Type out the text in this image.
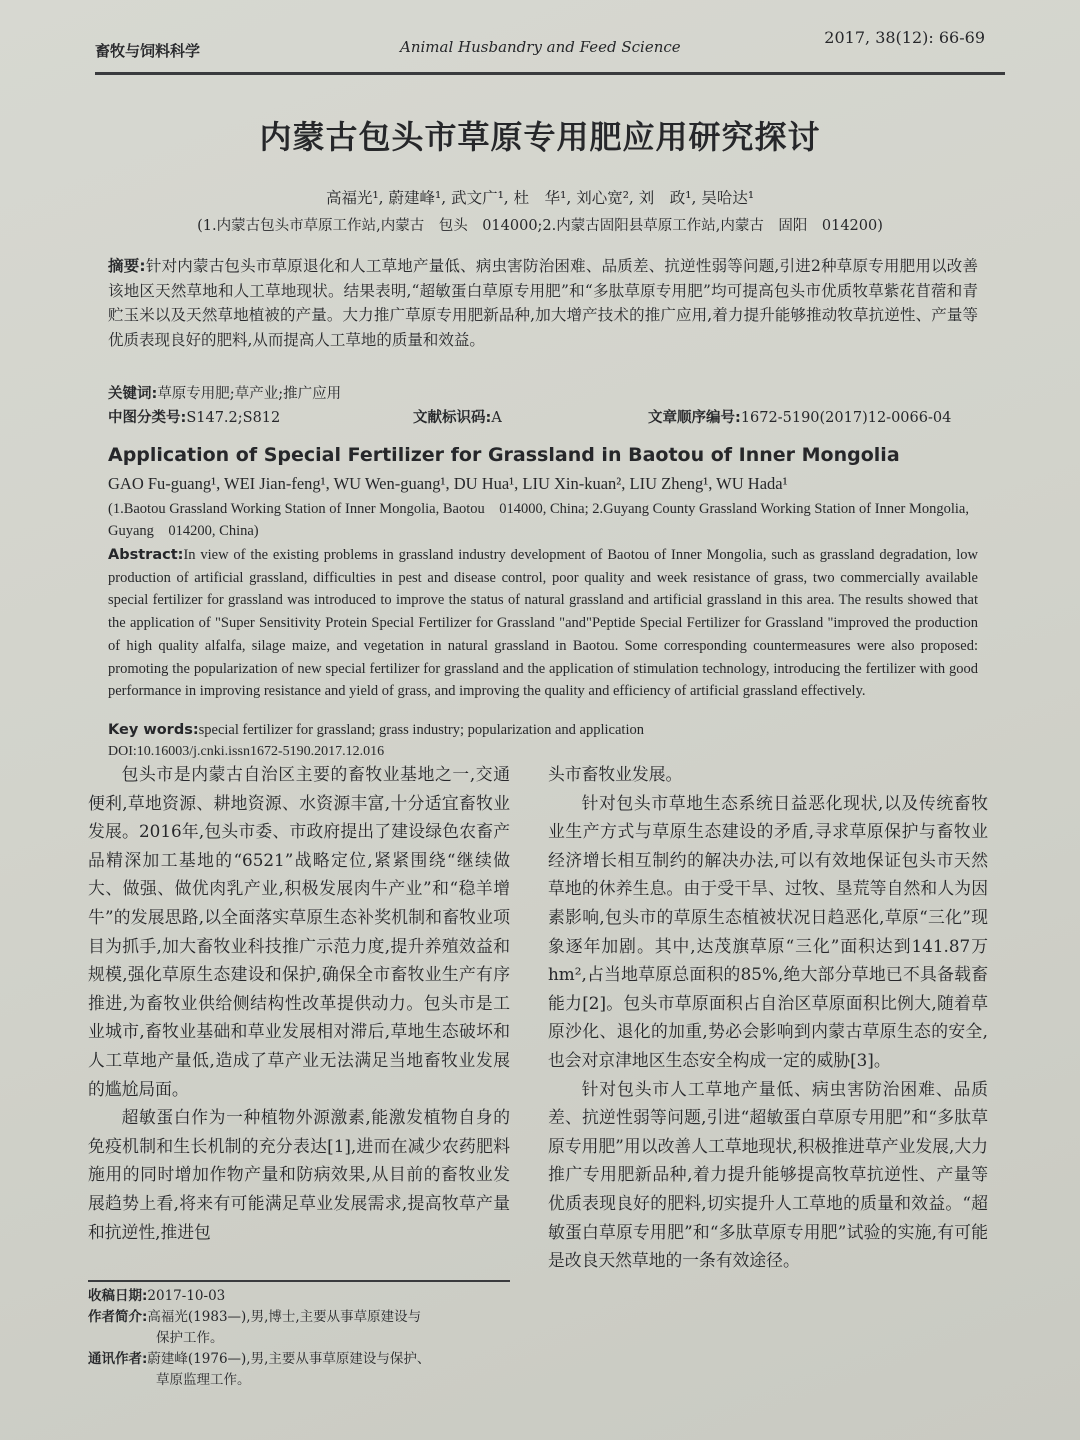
畜牧与饲料科学	Animal Husbandry and Feed Science	2017, 38(12): 66-69
内蒙古包头市草原专用肥应用研究探讨
高福光¹, 蔚建峰¹, 武文广¹, 杜　华¹, 刘心宽², 刘　政¹, 吴哈达¹
(1.内蒙古包头市草原工作站,内蒙古　包头　014000;2.内蒙古固阳县草原工作站,内蒙古　固阳　014200)
摘要:针对内蒙古包头市草原退化和人工草地产量低、病虫害防治困难、品质差、抗逆性弱等问题,引进2种草原专用肥用以改善该地区天然草地和人工草地现状。结果表明,“超敏蛋白草原专用肥”和“多肽草原专用肥”均可提高包头市优质牧草紫花苜蓿和青贮玉米以及天然草地植被的产量。大力推广草原专用肥新品种,加大增产技术的推广应用,着力提升能够推动牧草抗逆性、产量等优质表现良好的肥料,从而提高人工草地的质量和效益。
关键词:草原专用肥;草产业;推广应用
中图分类号:S147.2;S812	文献标识码:A	文章顺序编号:1672-5190(2017)12-0066-04
Application of Special Fertilizer for Grassland in Baotou of Inner Mongolia
GAO Fu-guang¹, WEI Jian-feng¹, WU Wen-guang¹, DU Hua¹, LIU Xin-kuan², LIU Zheng¹, WU Hada¹
(1.Baotou Grassland Working Station of Inner Mongolia, Baotou　014000, China; 2.Guyang County Grassland Working Station of Inner Mongolia, Guyang　014200, China)
Abstract:In view of the existing problems in grassland industry development of Baotou of Inner Mongolia, such as grassland degradation, low production of artificial grassland, difficulties in pest and disease control, poor quality and week resistance of grass, two commercially available special fertilizer for grassland was introduced to improve the status of natural grassland and artificial grassland in this area. The results showed that the application of "Super Sensitivity Protein Special Fertilizer for Grassland "and"Peptide Special Fertilizer for Grassland "improved the production of high quality alfalfa, silage maize, and vegetation in natural grassland in Baotou. Some corresponding countermeasures were also proposed: promoting the popularization of new special fertilizer for grassland and the application of stimulation technology, introducing the fertilizer with good performance in improving resistance and yield of grass, and improving the quality and efficiency of artificial grassland effectively.
Key words:special fertilizer for grassland; grass industry; popularization and application
DOI:10.16003/j.cnki.issn1672-5190.2017.12.016

包头市是内蒙古自治区主要的畜牧业基地之一,交通便利,草地资源、耕地资源、水资源丰富,十分适宜畜牧业发展。2016年,包头市委、市政府提出了建设绿色农畜产品精深加工基地的“6521”战略定位,紧紧围绕“继续做大、做强、做优肉乳产业,积极发展肉牛产业”和“稳羊增牛”的发展思路,以全面落实草原生态补奖机制和畜牧业项目为抓手,加大畜牧业科技推广示范力度,提升养殖效益和规模,强化草原生态建设和保护,确保全市畜牧业生产有序推进,为畜牧业供给侧结构性改革提供动力。包头市是工业城市,畜牧业基础和草业发展相对滞后,草地生态破坏和人工草地产量低,造成了草产业无法满足当地畜牧业发展的尴尬局面。

超敏蛋白作为一种植物外源激素,能激发植物自身的免疫机制和生长机制的充分表达[1],进而在减少农药肥料施用的同时增加作物产量和防病效果,从目前的畜牧业发展趋势上看,将来有可能满足草业发展需求,提高牧草产量和抗逆性,推进包

头市畜牧业发展。

针对包头市草地生态系统日益恶化现状,以及传统畜牧业生产方式与草原生态建设的矛盾,寻求草原保护与畜牧业经济增长相互制约的解决办法,可以有效地保证包头市天然草地的休养生息。由于受干旱、过牧、垦荒等自然和人为因素影响,包头市的草原生态植被状况日趋恶化,草原“三化”现象逐年加剧。其中,达茂旗草原“三化”面积达到141.87万hm²,占当地草原总面积的85%,绝大部分草地已不具备载畜能力[2]。包头市草原面积占自治区草原面积比例大,随着草原沙化、退化的加重,势必会影响到内蒙古草原生态的安全,也会对京津地区生态安全构成一定的威胁[3]。

针对包头市人工草地产量低、病虫害防治困难、品质差、抗逆性弱等问题,引进“超敏蛋白草原专用肥”和“多肽草原专用肥”用以改善人工草地现状,积极推进草产业发展,大力推广专用肥新品种,着力提升能够提高牧草抗逆性、产量等优质表现良好的肥料,切实提升人工草地的质量和效益。“超敏蛋白草原专用肥”和“多肽草原专用肥”试验的实施,有可能是改良天然草地的一条有效途径。

收稿日期:2017-10-03
作者简介:高福光(1983—),男,博士,主要从事草原建设与
保护工作。
通讯作者:蔚建峰(1976—),男,主要从事草原建设与保护、
草原监理工作。
